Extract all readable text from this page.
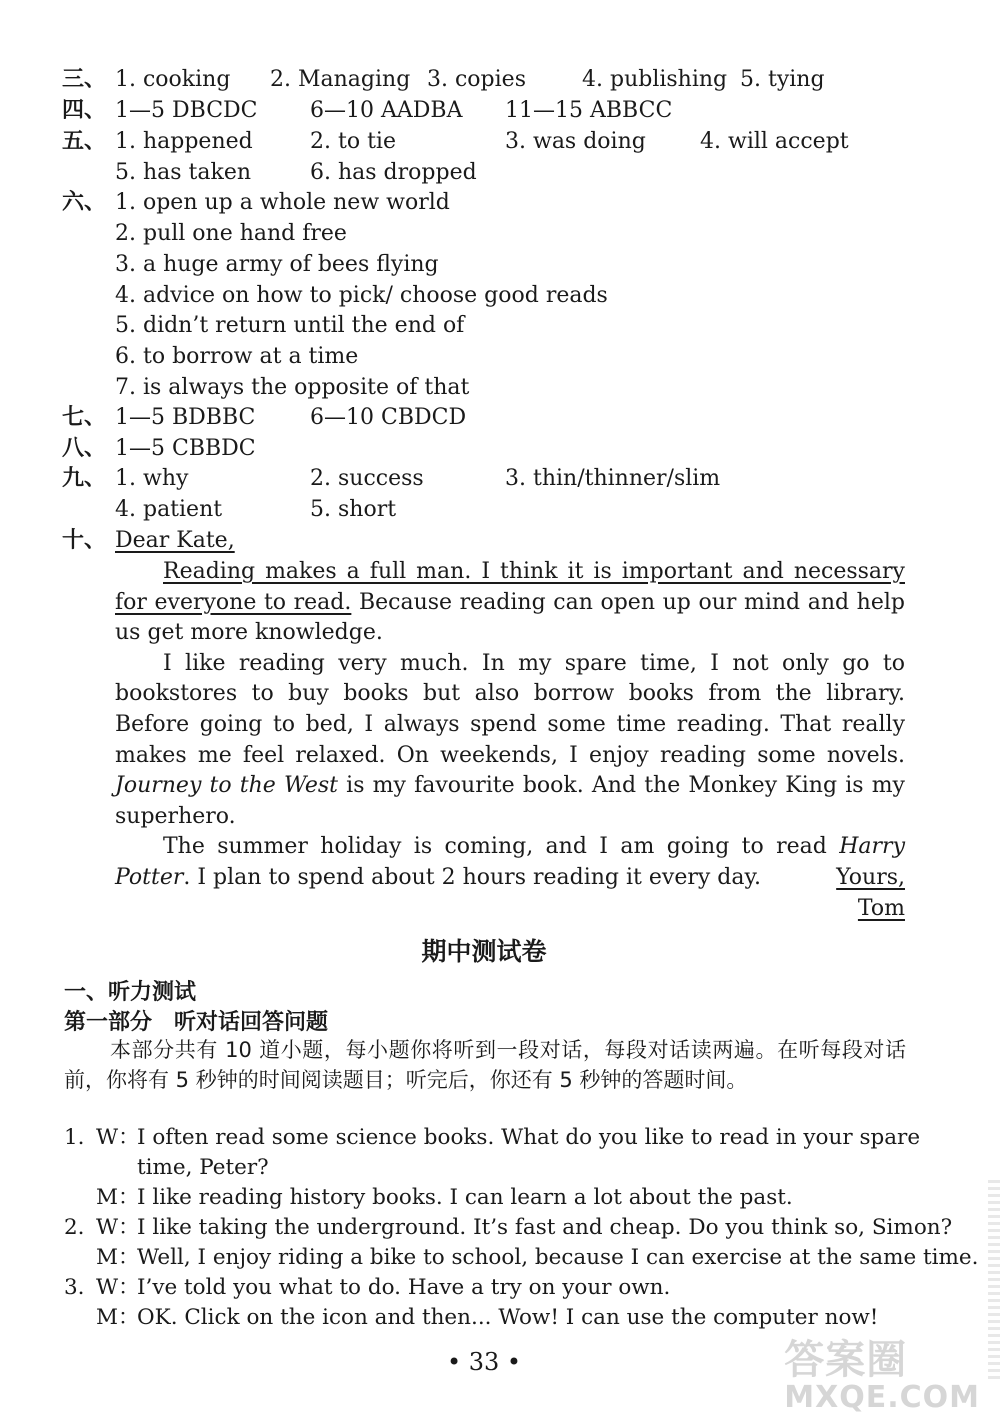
三、 1. cooking 2. Managing 3. copies	4. publishing 5. tying
四、 1—5 DBCDC 6—10 AADBA 11—15 ABBCC
五、 1. happened	2. to tie	3. was doing 4. will accept
5. has taken	6. has dropped
六、 1. open up a whole new world
2. pull one hand free
3. a huge army of bees flying
4. advice on how to pick/ choose good reads
5. didn’t return until the end of
6. to borrow at a time
7. is always the opposite of that
七、 1—5 BDBBC 6—10 CBDCD
八、 1—5 CBBDC
九、 1. why	2. success	3. thin/thinner/slim
4. patient	5. short
十、 Dear Kate,

Reading makes a full man. I think it is important and necessary for everyone to read. Because reading can open up our mind and help us get more knowledge.

I like reading very much. In my spare time, I not only go to bookstores to buy books but also borrow books from the library. Before going to bed, I always spend some time reading. That really makes me feel relaxed. On weekends, I enjoy reading some novels. Journey to the West is my favourite book. And the Monkey King is my superhero.

The summer holiday is coming, and I am going to read Harry Potter. I plan to spend about 2 hours reading it every day.	Yours,
Tom
期中测试卷
一、听力测试
第一部分　听对话回答问题

本部分共有 10 道小题，每小题你将听到一段对话，每段对话读两遍。在听每段对话前，你将有 5 秒钟的时间阅读题目；听完后，你还有 5 秒钟的答题时间。

1. W：
I often read some science books. What do you like to read in your spare
time, Peter?
M：
I like reading history books. I can learn a lot about the past.
2. W：
I like taking the underground. It’s fast and cheap. Do you think so, Simon?
M：
Well, I enjoy riding a bike to school, because I can exercise at the same time.
3. W：
I’ve told you what to do. Have a try on your own.
M：
OK. Click on the icon and then... Wow! I can use the computer now!
• 33 •	答案圈
MXQE.COM
